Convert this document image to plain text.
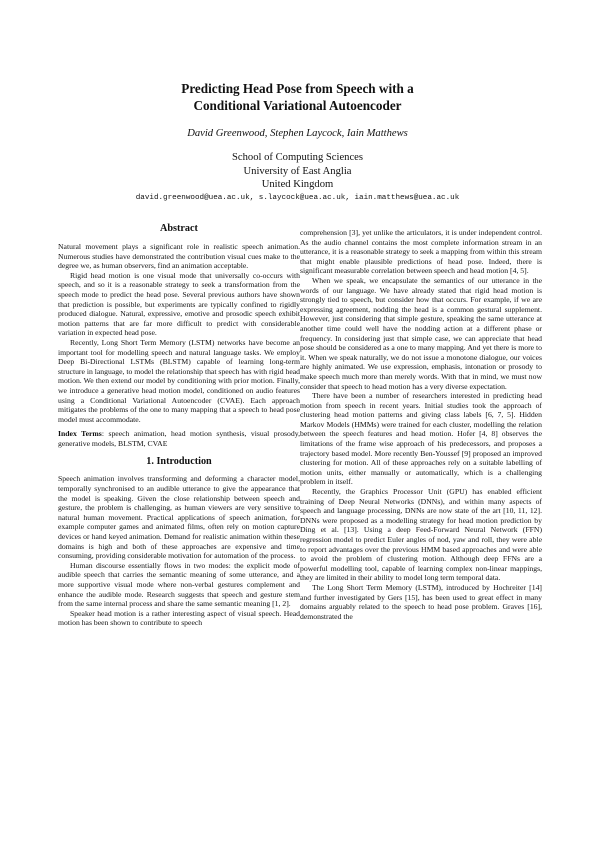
Predicting Head Pose from Speech with a
Conditional Variational Autoencoder
David Greenwood, Stephen Laycock, Iain Matthews
School of Computing Sciences
University of East Anglia
United Kingdom
david.greenwood@uea.ac.uk, s.laycock@uea.ac.uk, iain.matthews@uea.ac.uk
Abstract

Natural movement plays a significant role in realistic speech animation. Numerous studies have demonstrated the contribution visual cues make to the degree we, as human observers, find an animation acceptable.

Rigid head motion is one visual mode that universally co-occurs with speech, and so it is a reasonable strategy to seek a transformation from the speech mode to predict the head pose. Several previous authors have shown that prediction is possible, but experiments are typically confined to rigidly produced dialogue. Natural, expressive, emotive and prosodic speech exhibit motion patterns that are far more difficult to predict with considerable variation in expected head pose.

Recently, Long Short Term Memory (LSTM) networks have become an important tool for modelling speech and natural language tasks. We employ Deep Bi-Directional LSTMs (BLSTM) capable of learning long-term structure in language, to model the relationship that speech has with rigid head motion. We then extend our model by conditioning with prior motion. Finally, we introduce a generative head motion model, conditioned on audio features using a Conditional Variational Autoencoder (CVAE). Each approach mitigates the problems of the one to many mapping that a speech to head pose model must accommodate.

Index Terms: speech animation, head motion synthesis, visual prosody, generative models, BLSTM, CVAE

1. Introduction

Speech animation involves transforming and deforming a character model, temporally synchronised to an audible utterance to give the appearance that the model is speaking. Given the close relationship between speech and gesture, the problem is challenging, as human viewers are very sensitive to natural human movement. Practical applications of speech animation, for example computer games and animated films, often rely on motion capture devices or hand keyed animation. Demand for realistic animation within these domains is high and both of these approaches are expensive and time consuming, providing considerable motivation for automation of the process.

Human discourse essentially flows in two modes: the explicit mode of audible speech that carries the semantic meaning of some utterance, and a more supportive visual mode where non-verbal gestures complement and enhance the audible mode. Research suggests that speech and gesture stem from the same internal process and share the same semantic meaning [1, 2].

Speaker head motion is a rather interesting aspect of visual speech. Head motion has been shown to contribute to speech

comprehension [3], yet unlike the articulators, it is under independent control. As the audio channel contains the most complete information stream in an utterance, it is a reasonable strategy to seek a mapping from within this stream that might enable plausible predictions of head pose. Indeed, there is significant measurable correlation between speech and head motion [4, 5].

When we speak, we encapsulate the semantics of our utterance in the words of our language. We have already stated that rigid head motion is strongly tied to speech, but consider how that occurs. For example, if we are expressing agreement, nodding the head is a common gestural supplement. However, just considering that simple gesture, speaking the same utterance at another time could well have the nodding action at a different phase or frequency. In considering just that simple case, we can appreciate that head pose should be considered as a one to many mapping. And yet there is more to it. When we speak naturally, we do not issue a monotone dialogue, our voices are highly animated. We use expression, emphasis, intonation or prosody to make speech much more than merely words. With that in mind, we must now consider that speech to head motion has a very diverse expectation.

There have been a number of researchers interested in predicting head motion from speech in recent years. Initial studies took the approach of clustering head motion patterns and giving class labels [6, 7, 5]. Hidden Markov Models (HMMs) were trained for each cluster, modelling the relation between the speech features and head motion. Hofer [4, 8] observes the limitations of the frame wise approach of his predecessors, and proposes a trajectory based model. More recently Ben-Youssef [9] proposed an improved clustering for motion. All of these approaches rely on a suitable labelling of motion units, either manually or automatically, which is a challenging problem in itself.

Recently, the Graphics Processor Unit (GPU) has enabled efficient training of Deep Neural Networks (DNNs), and within many aspects of speech and language processing, DNNs are now state of the art [10, 11, 12]. DNNs were proposed as a modelling strategy for head motion prediction by Ding et al. [13]. Using a deep Feed-Forward Neural Network (FFN) regression model to predict Euler angles of nod, yaw and roll, they were able to report advantages over the previous HMM based approaches and were able to avoid the problem of clustering motion. Although deep FFNs are a powerful modelling tool, capable of learning complex non-linear mappings, they are limited in their ability to model long term temporal data.

The Long Short Term Memory (LSTM), introduced by Hochreiter [14] and further investigated by Gers [15], has been used to great effect in many domains arguably related to the speech to head pose problem. Graves [16], demonstrated the
